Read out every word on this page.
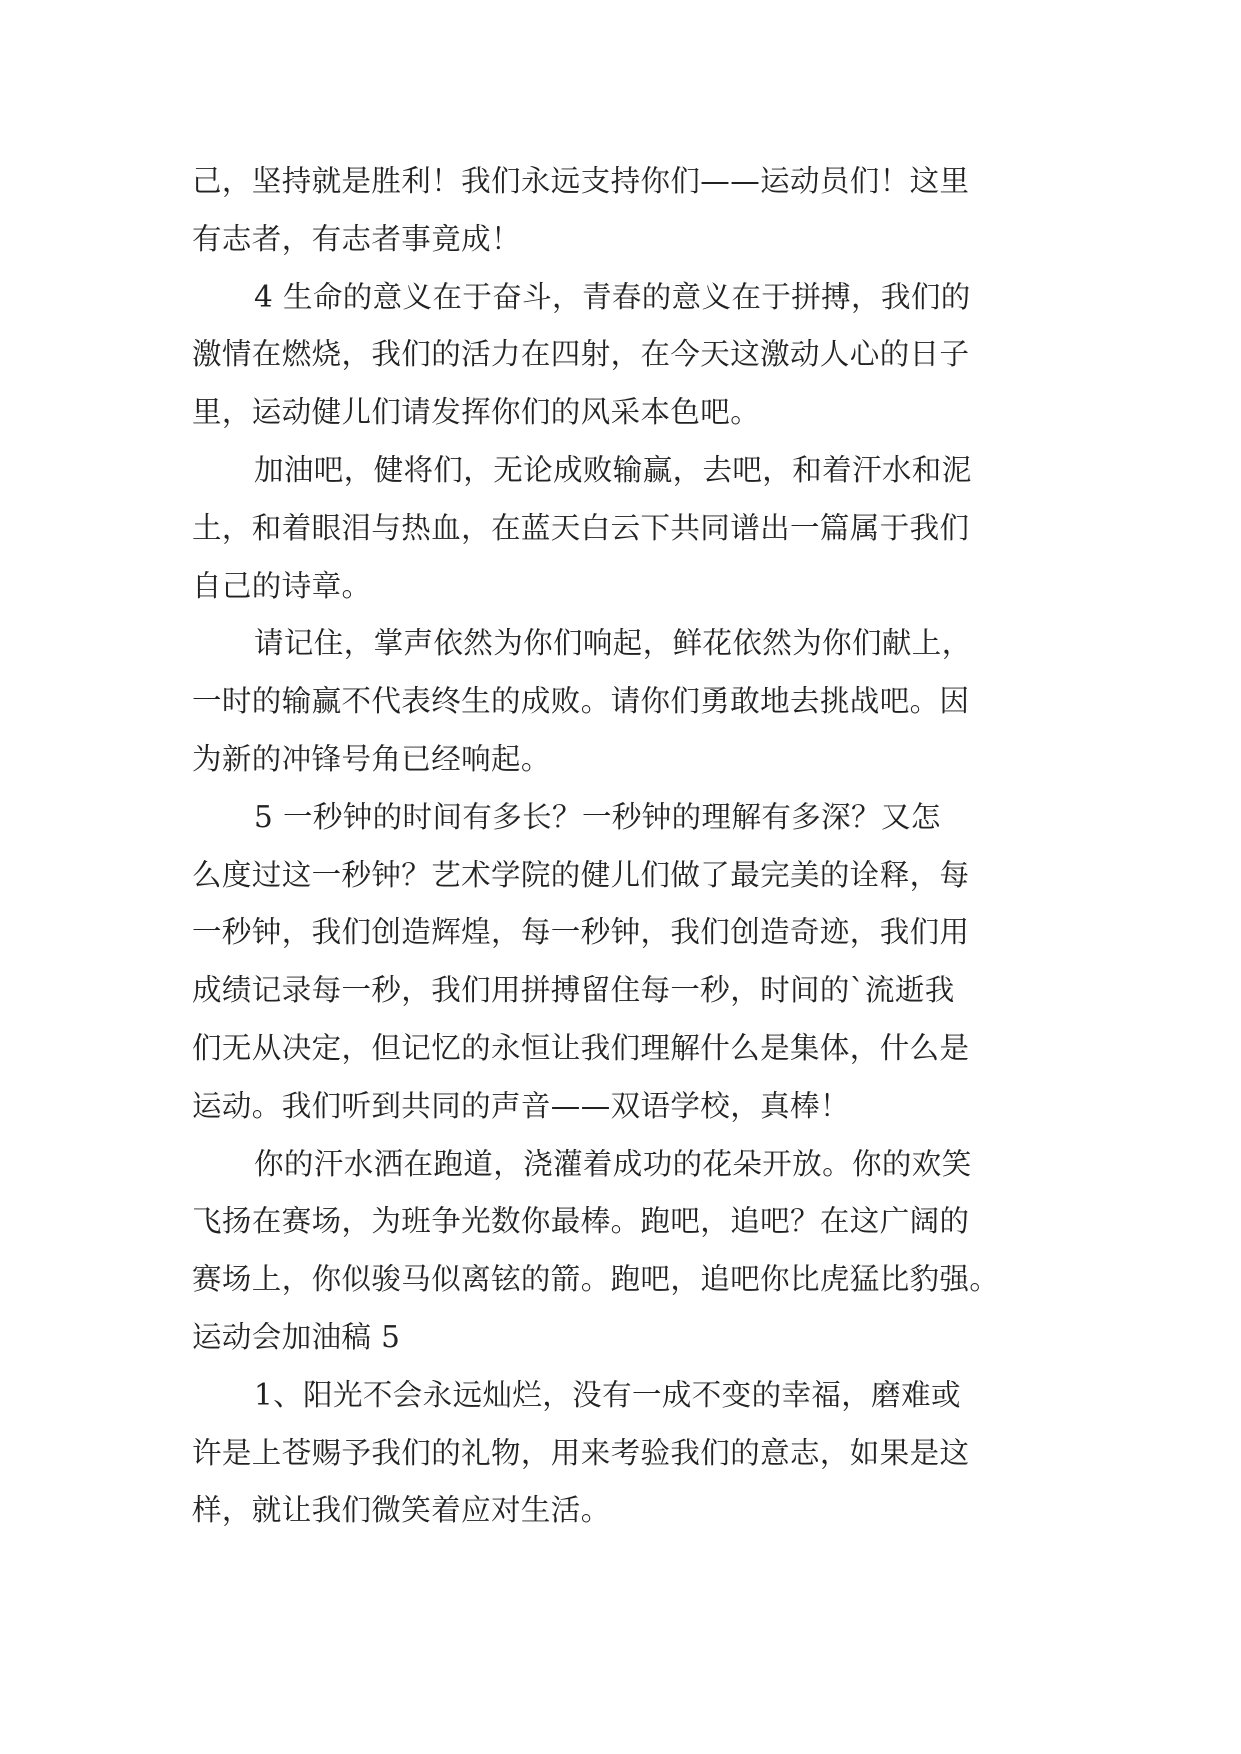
己，坚持就是胜利！我们永远支持你们——运动员们！这里
有志者，有志者事竟成！
4 生命的意义在于奋斗，青春的意义在于拼搏，我们的
激情在燃烧，我们的活力在四射，在今天这激动人心的日子
里，运动健儿们请发挥你们的风采本色吧。
加油吧，健将们，无论成败输赢，去吧，和着汗水和泥
土，和着眼泪与热血，在蓝天白云下共同谱出一篇属于我们
自己的诗章。
请记住，掌声依然为你们响起，鲜花依然为你们献上，
一时的输赢不代表终生的成败。请你们勇敢地去挑战吧。因
为新的冲锋号角已经响起。
5 一秒钟的时间有多长？一秒钟的理解有多深？又怎
么度过这一秒钟？艺术学院的健儿们做了最完美的诠释，每
一秒钟，我们创造辉煌，每一秒钟，我们创造奇迹，我们用
成绩记录每一秒，我们用拼搏留住每一秒，时间的`流逝我
们无从决定，但记忆的永恒让我们理解什么是集体，什么是
运动。我们听到共同的声音——双语学校，真棒！
你的汗水洒在跑道，浇灌着成功的花朵开放。你的欢笑
飞扬在赛场，为班争光数你最棒。跑吧，追吧？在这广阔的
赛场上，你似骏马似离铉的箭。跑吧，追吧你比虎猛比豹强。
运动会加油稿 5
1、阳光不会永远灿烂，没有一成不变的幸福，磨难或
许是上苍赐予我们的礼物，用来考验我们的意志，如果是这
样，就让我们微笑着应对生活。
